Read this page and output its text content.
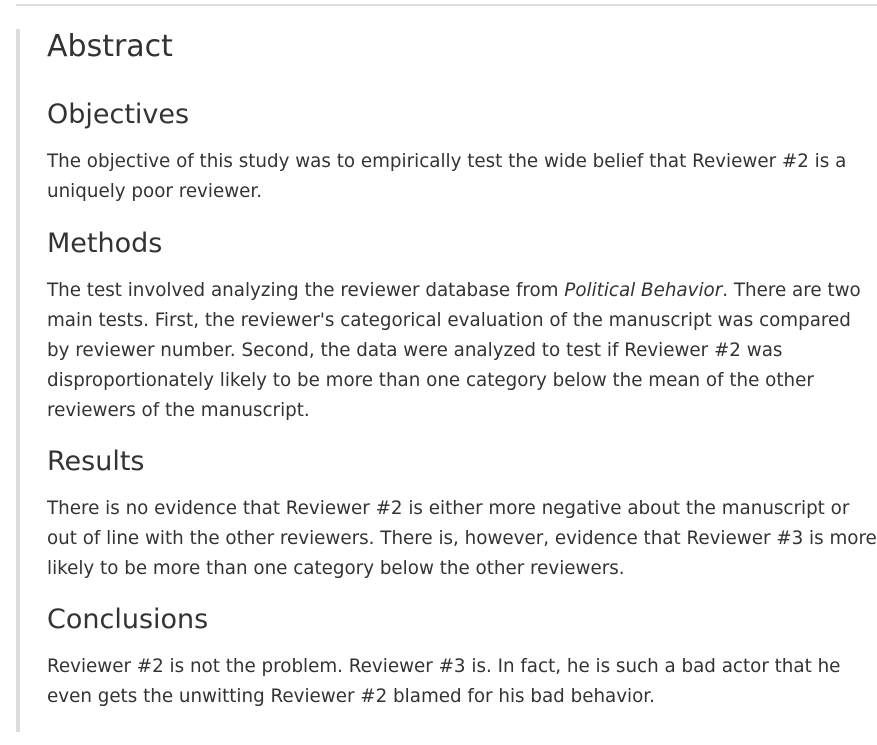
Abstract
Objectives

The objective of this study was to empirically test the wide belief that Reviewer #2 is a
uniquely poor reviewer.

Methods

The test involved analyzing the reviewer database from Political Behavior. There are two
main tests. First, the reviewer's categorical evaluation of the manuscript was compared
by reviewer number. Second, the data were analyzed to test if Reviewer #2 was
disproportionately likely to be more than one category below the mean of the other
reviewers of the manuscript.

Results

There is no evidence that Reviewer #2 is either more negative about the manuscript or
out of line with the other reviewers. There is, however, evidence that Reviewer #3 is more
likely to be more than one category below the other reviewers.

Conclusions

Reviewer #2 is not the problem. Reviewer #3 is. In fact, he is such a bad actor that he
even gets the unwitting Reviewer #2 blamed for his bad behavior.
